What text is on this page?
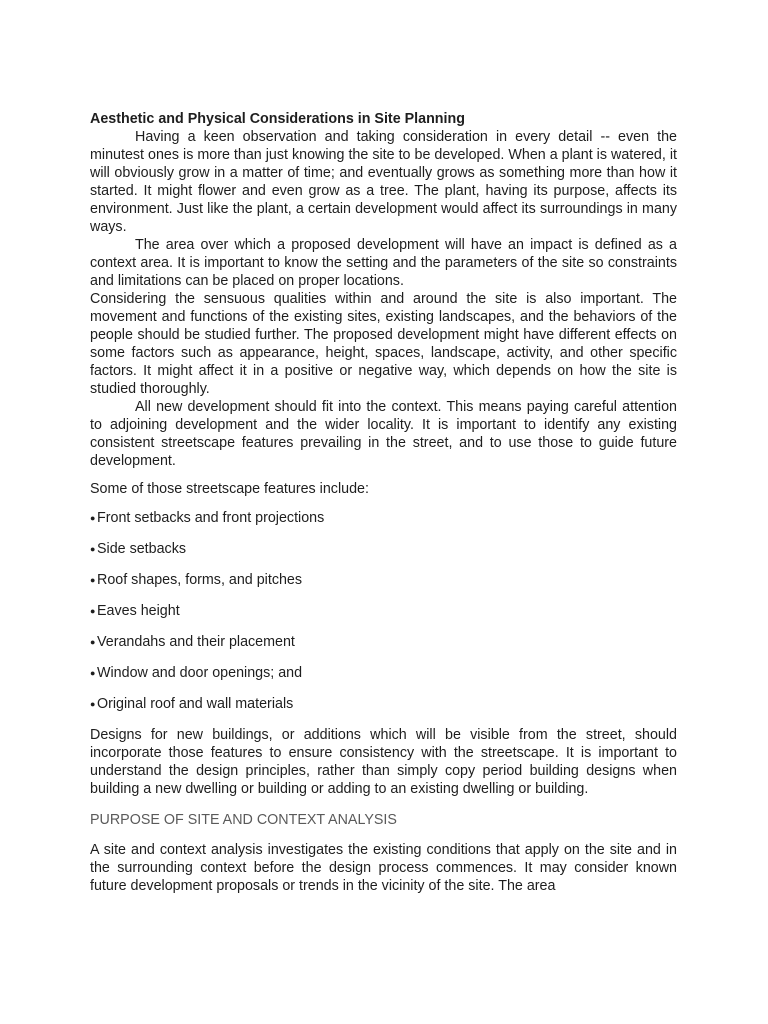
Aesthetic and Physical Considerations in Site Planning

Having a keen observation and taking consideration in every detail -- even the minutest ones is more than just knowing the site to be developed. When a plant is watered, it will obviously grow in a matter of time; and eventually grows as something more than how it started. It might flower and even grow as a tree. The plant, having its purpose, affects its environment. Just like the plant, a certain development would affect its surroundings in many ways.

The area over which a proposed development will have an impact is defined as a context area. It is important to know the setting and the parameters of the site so constraints and limitations can be placed on proper locations.

Considering the sensuous qualities within and around the site is also important. The movement and functions of the existing sites, existing landscapes, and the behaviors of the people should be studied further. The proposed development might have different effects on some factors such as appearance, height, spaces, landscape, activity, and other specific factors. It might affect it in a positive or negative way, which depends on how the site is studied thoroughly.

All new development should fit into the context. This means paying careful attention to adjoining development and the wider locality. It is important to identify any existing consistent streetscape features prevailing in the street, and to use those to guide future development.

Some of those streetscape features include:

● Front setbacks and front projections
● Side setbacks
● Roof shapes, forms, and pitches
● Eaves height
● Verandahs and their placement
● Window and door openings; and
● Original roof and wall materials

Designs for new buildings, or additions which will be visible from the street, should incorporate those features to ensure consistency with the streetscape. It is important to understand the design principles, rather than simply copy period building designs when building a new dwelling or building or adding to an existing dwelling or building.

PURPOSE OF SITE AND CONTEXT ANALYSIS

A site and context analysis investigates the existing conditions that apply on the site and in the surrounding context before the design process commences. It may consider known future development proposals or trends in the vicinity of the site. The area
